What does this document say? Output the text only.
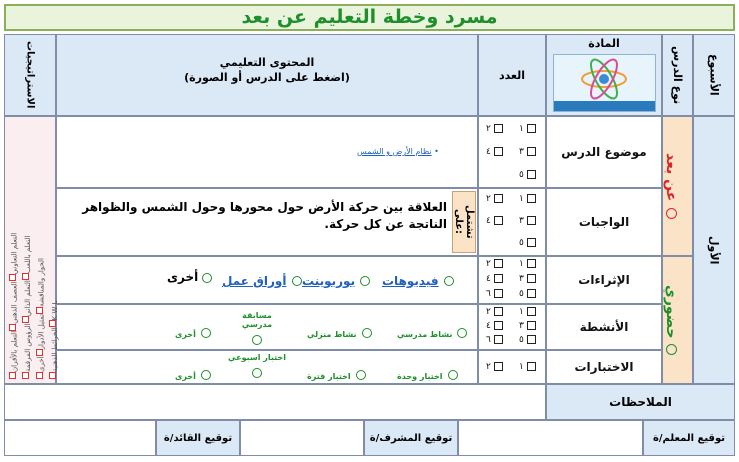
مسرد وخطة التعليم عن بعد
الأسبوع
نوع الدرس
المادة
العدد
المحتوى التعليمي
(اضغط على الدرس أو الصورة)
الاستراتيجيات
الأول
عن بعد
حضوري
موضوع الدرس
الواجبات
الإثراءات
الأنشطة
الاختبارات
١
٢
٣
٤
٥
١
٢
٣
٤
٥
١
٢
٣
٤
٥
٦
١
٢
٣
٤
٥
٦
١
٢
• نظام الأرض و الشمس
تشتمل على:
العلاقة بين حركة الأرض حول محورها وحول الشمس والظواهر الناتجة عن كل حركة.
فيديوهات
بوربوينت
أوراق عمل
أخرى
نشاط مدرسي
نشاط منزلي
مسابقة مدرسي
أخرى
اختبار وحدة
اختبار فترة
اختبار اسبوعي
أخرى
التعلم التعاونيالعصف الذهنيالتعلم بالأقران
التعلم باللعبالتعلم الذاتيالرؤوس المرقمة
الحوار والمناقشةتمثيل الأدوارأخرى الخرائط الذهنيةK W L
الملاحظات
توقيع المعلم/ة
توقيع المشرف/ة
توقيع القائد/ة
